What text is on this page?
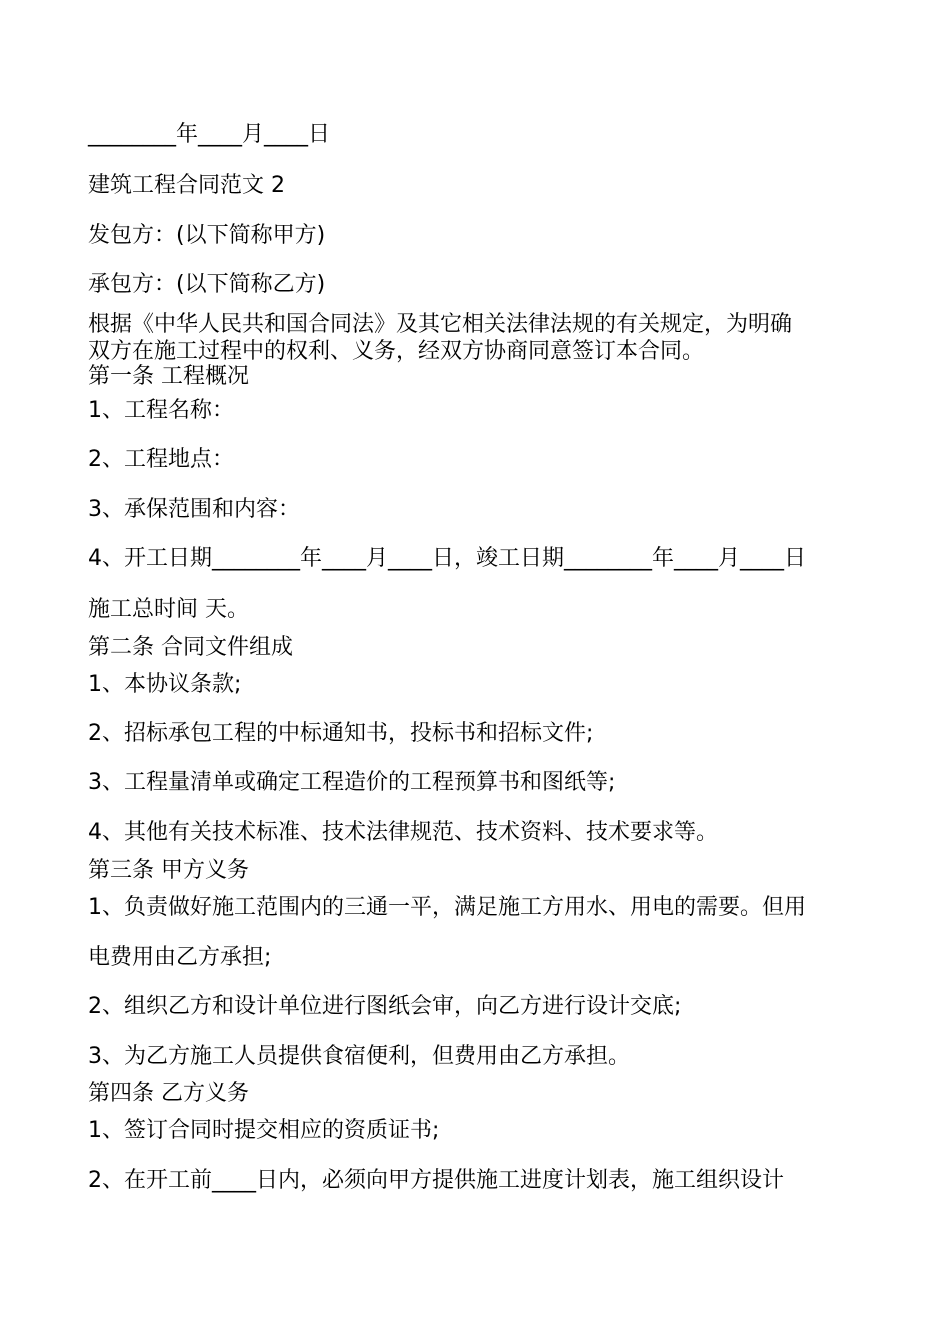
________年____月____日
建筑工程合同范文 2
发包方：(以下简称甲方)
承包方：(以下简称乙方)
根据《中华人民共和国合同法》及其它相关法律法规的有关规定，为明确
双方在施工过程中的权利、义务，经双方协商同意签订本合同。
第一条 工程概况
1、工程名称：
2、工程地点：
3、承保范围和内容：
4、开工日期________年____月____日，竣工日期________年____月____日
施工总时间 天。
第二条 合同文件组成
1、本协议条款;
2、招标承包工程的中标通知书，投标书和招标文件;
3、工程量清单或确定工程造价的工程预算书和图纸等;
4、其他有关技术标准、技术法律规范、技术资料、技术要求等。
第三条 甲方义务
1、负责做好施工范围内的三通一平，满足施工方用水、用电的需要。但用
电费用由乙方承担;
2、组织乙方和设计单位进行图纸会审，向乙方进行设计交底;
3、为乙方施工人员提供食宿便利，但费用由乙方承担。
第四条 乙方义务
1、签订合同时提交相应的资质证书;
2、在开工前____日内，必须向甲方提供施工进度计划表，施工组织设计
